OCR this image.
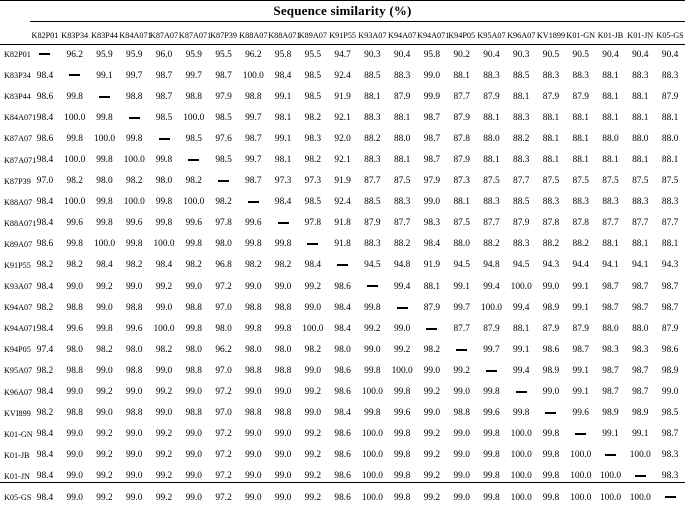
Sequence similarity (%)
	K82P01	K83P34	K83P44	K84A071	K87A07	K87A071	K87P39	K88A07	K88A071	K89A07	K91P55	K93A07	K94A07	K94A071	K94P05	K95A07	K96A07	KV1899	K01-GN	K01-JB	K01-JN	K05-GS
K82P01		96.2	95.9	95.9	96.0	95.9	95.5	96.2	95.8	95.5	94.7	90.3	90.4	95.8	90.2	90.4	90.3	90.5	90.5	90.4	90.4	90.4
K83P34	98.4		99.1	99.7	98.7	99.7	98.7	100.0	98.4	98.5	92.4	88.5	88.3	99.0	88.1	88.3	88.5	88.3	88.3	88.1	88.3	88.3
K83P44	98.6	99.8		98.8	98.7	98.8	97.9	98.8	99.1	98.5	91.9	88.1	87.9	99.9	87.7	87.9	88.1	87.9	87.9	88.1	88.1	87.9
K84A071	98.4	100.0	99.8		98.5	100.0	98.5	99.7	98.1	98.2	92.1	88.3	88.1	98.7	87.9	88.1	88.3	88.1	88.1	88.1	88.1	88.1
K87A07	98.6	99.8	100.0	99.8		98.5	97.6	98.7	99.1	98.3	92.0	88.2	88.0	98.7	87.8	88.0	88.2	88.1	88.1	88.0	88.0	88.0
K87A071	98.4	100.0	99.8	100.0	99.8		98.5	99.7	98.1	98.2	92.1	88.3	88.1	98.7	87.9	88.1	88.3	88.1	88.1	88.1	88.1	88.1
K87P39	97.0	98.2	98.0	98.2	98.0	98.2		98.7	97.3	97.3	91.9	87.7	87.5	97.9	87.3	87.5	87.7	87.5	87.5	87.5	87.5	87.5
K88A07	98.4	100.0	99.8	100.0	99.8	100.0	98.2		98.4	98.5	92.4	88.5	88.3	99.0	88.1	88.3	88.5	88.3	88.3	88.3	88.3	88.3
K88A071	98.4	99.6	99.8	99.6	99.8	99.6	97.8	99.6		97.8	91.8	87.9	87.7	98.3	87.5	87.7	87.9	87.8	87.8	87.7	87.7	87.7
K89A07	98.6	99.8	100.0	99.8	100.0	99.8	98.0	99.8	99.8		91.8	88.3	88.2	98.4	88.0	88.2	88.3	88.2	88.2	88.1	88.1	88.1
K91P55	98.2	98.2	98.4	98.2	98.4	98.2	96.8	98.2	98.2	98.4		94.5	94.8	91.9	94.5	94.8	94.5	94.3	94.4	94.1	94.1	94.3
K93A07	98.4	99.0	99.2	99.0	99.2	99.0	97.2	99.0	99.0	99.2	98.6		99.4	88.1	99.1	99.4	100.0	99.0	99.1	98.7	98.7	98.7
K94A07	98.2	98.8	99.0	98.8	99.0	98.8	97.0	98.8	98.8	99.0	98.4	99.8		87.9	99.7	100.0	99.4	98.9	99.1	98.7	98.7	98.7
K94A071	98.4	99.6	99.8	99.6	100.0	99.8	98.0	99.8	99.8	100.0	98.4	99.2	99.0		87.7	87.9	88.1	87.9	87.9	88.0	88.0	87.9
K94P05	97.4	98.0	98.2	98.0	98.2	98.0	96.2	98.0	98.0	98.2	98.0	99.0	99.2	98.2		99.7	99.1	98.6	98.7	98.3	98.3	98.6
K95A07	98.2	98.8	99.0	98.8	99.0	98.8	97.0	98.8	98.8	99.0	98.6	99.8	100.0	99.0	99.2		99.4	98.9	99.1	98.7	98.7	98.9
K96A07	98.4	99.0	99.2	99.0	99.2	99.0	97.2	99.0	99.0	99.2	98.6	100.0	99.8	99.2	99.0	99.8		99.0	99.1	98.7	98.7	99.0
KVI899	98.2	98.8	99.0	98.8	99.0	98.8	97.0	98.8	98.8	99.0	98.4	99.8	99.6	99.0	98.8	99.6	99.8		99.6	98.9	98.9	98.5
K01-GN	98.4	99.0	99.2	99.0	99.2	99.0	97.2	99.0	99.0	99.2	98.6	100.0	99.8	99.2	99.0	99.8	100.0	99.8		99.1	99.1	98.7
K01-JB	98.4	99.0	99.2	99.0	99.2	99.0	97.2	99.0	99.0	99.2	98.6	100.0	99.8	99.2	99.0	99.8	100.0	99.8	100.0		100.0	98.3
K01-JN	98.4	99.0	99.2	99.0	99.2	99.0	97.2	99.0	99.0	99.2	98.6	100.0	99.8	99.2	99.0	99.8	100.0	99.8	100.0	100.0		98.3
K05-GS	98.4	99.0	99.2	99.0	99.2	99.0	97.2	99.0	99.0	99.2	98.6	100.0	99.8	99.2	99.0	99.8	100.0	99.8	100.0	100.0	100.0	
